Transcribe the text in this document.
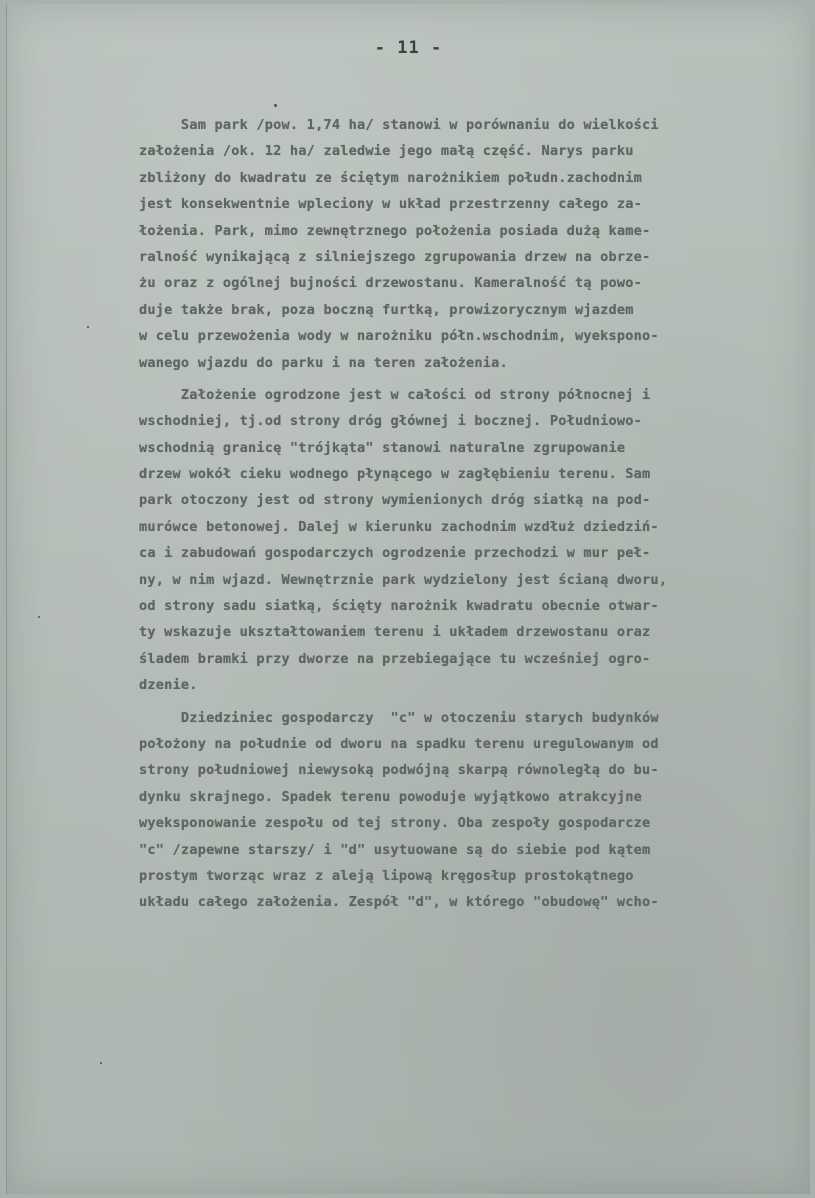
- 11 -
Sam park /pow. 1,74 ha/ stanowi w porównaniu do wielkości
założenia /ok. 12 ha/ zaledwie jego małą część. Narys parku
zbliżony do kwadratu ze ściętym narożnikiem połudn.zachodnim
jest konsekwentnie wpleciony w układ przestrzenny całego za-
łożenia. Park, mimo zewnętrznego położenia posiada dużą kame-
ralność wynikającą z silniejszego zgrupowania drzew na obrze-
żu oraz z ogólnej bujności drzewostanu. Kameralność tą powo-
duje także brak, poza boczną furtką, prowizorycznym wjazdem
w celu przewożenia wody w narożniku półn.wschodnim, wyekspono-
wanego wjazdu do parku i na teren założenia.
Założenie ogrodzone jest w całości od strony północnej i
wschodniej, tj.od strony dróg głównej i bocznej. Południowo-
wschodnią granicę "trójkąta" stanowi naturalne zgrupowanie
drzew wokół cieku wodnego płynącego w zagłębieniu terenu. Sam
park otoczony jest od strony wymienionych dróg siatką na pod-
murówce betonowej. Dalej w kierunku zachodnim wzdłuż dziedziń-
ca i zabudowań gospodarczych ogrodzenie przechodzi w mur peł-
ny, w nim wjazd. Wewnętrznie park wydzielony jest ścianą dworu,
od strony sadu siatką, ścięty narożnik kwadratu obecnie otwar-
ty wskazuje ukształtowaniem terenu i układem drzewostanu oraz
śladem bramki przy dworze na przebiegające tu wcześniej ogro-
dzenie.
Dziedziniec gospodarczy  "c" w otoczeniu starych budynków
położony na południe od dworu na spadku terenu uregulowanym od
strony południowej niewysoką podwójną skarpą równoległą do bu-
dynku skrajnego. Spadek terenu powoduje wyjątkowo atrakcyjne
wyeksponowanie zespołu od tej strony. Oba zespoły gospodarcze
"c" /zapewne starszy/ i "d" usytuowane są do siebie pod kątem
prostym tworząc wraz z aleją lipową kręgosłup prostokątnego
układu całego założenia. Zespół "d", w którego "obudowę" wcho-
